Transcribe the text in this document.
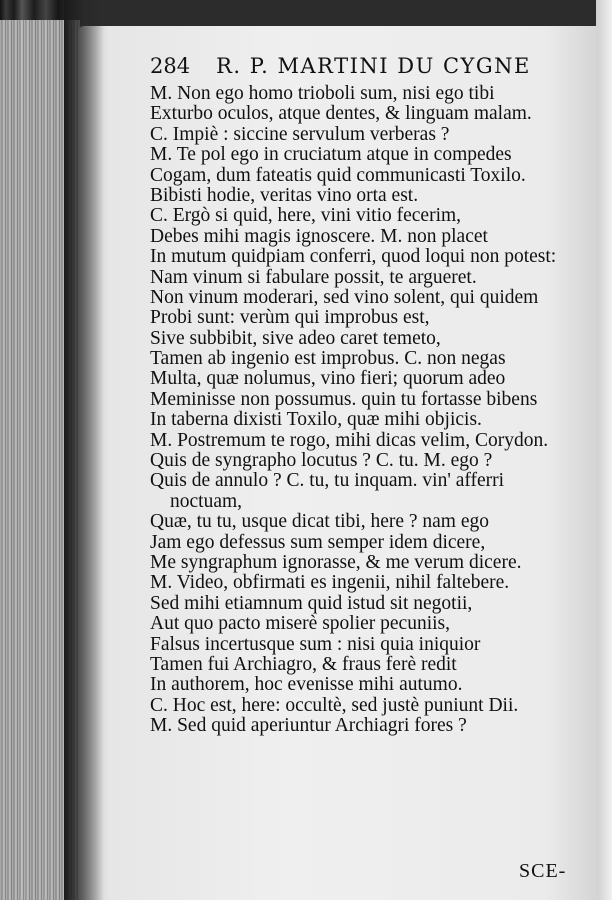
284 R. P. MARTINI DU CYGNE
M. Non ego homo trioboli sum, nisi ego tibi
Exturbo oculos, atque dentes, & linguam malam.
C. Impiè : siccine servulum verberas ?
M. Te pol ego in cruciatum atque in compedes
Cogam, dum fateatis quid communicasti Toxilo.
Bibisti hodie, veritas vino orta est.
C. Ergò si quid, here, vini vitio fecerim,
Debes mihi magis ignoscere. M. non placet
In mutum quidpiam conferri, quod loqui non potest:
Nam vinum si fabulare possit, te argueret.
Non vinum moderari, sed vino solent, qui quidem
Probi sunt: verùm qui improbus est,
Sive subbibit, sive adeo caret temeto,
Tamen ab ingenio est improbus. C. non negas
Multa, quæ nolumus, vino fieri; quorum adeo
Meminisse non possumus. quin tu fortasse bibens
In taberna dixisti Toxilo, quæ mihi objicis.
M. Postremum te rogo, mihi dicas velim, Corydon.
Quis de syngrapho locutus ? C. tu. M. ego ?
Quis de annulo ? C. tu, tu inquam. vin' afferri
noctuam,
Quæ, tu tu, usque dicat tibi, here ? nam ego
Jam ego defessus sum semper idem dicere,
Me syngraphum ignorasse, & me verum dicere.
M. Video, obfirmati es ingenii, nihil faltebere.
Sed mihi etiamnum quid istud sit negotii,
Aut quo pacto miserè spolier pecuniis,
Falsus incertusque sum : nisi quia iniquior
Tamen fui Archiagro, & fraus ferè redit
In authorem, hoc evenisse mihi autumo.
C. Hoc est, here: occultè, sed justè puniunt Dii.
M. Sed quid aperiuntur Archiagri fores ?
SCE-
